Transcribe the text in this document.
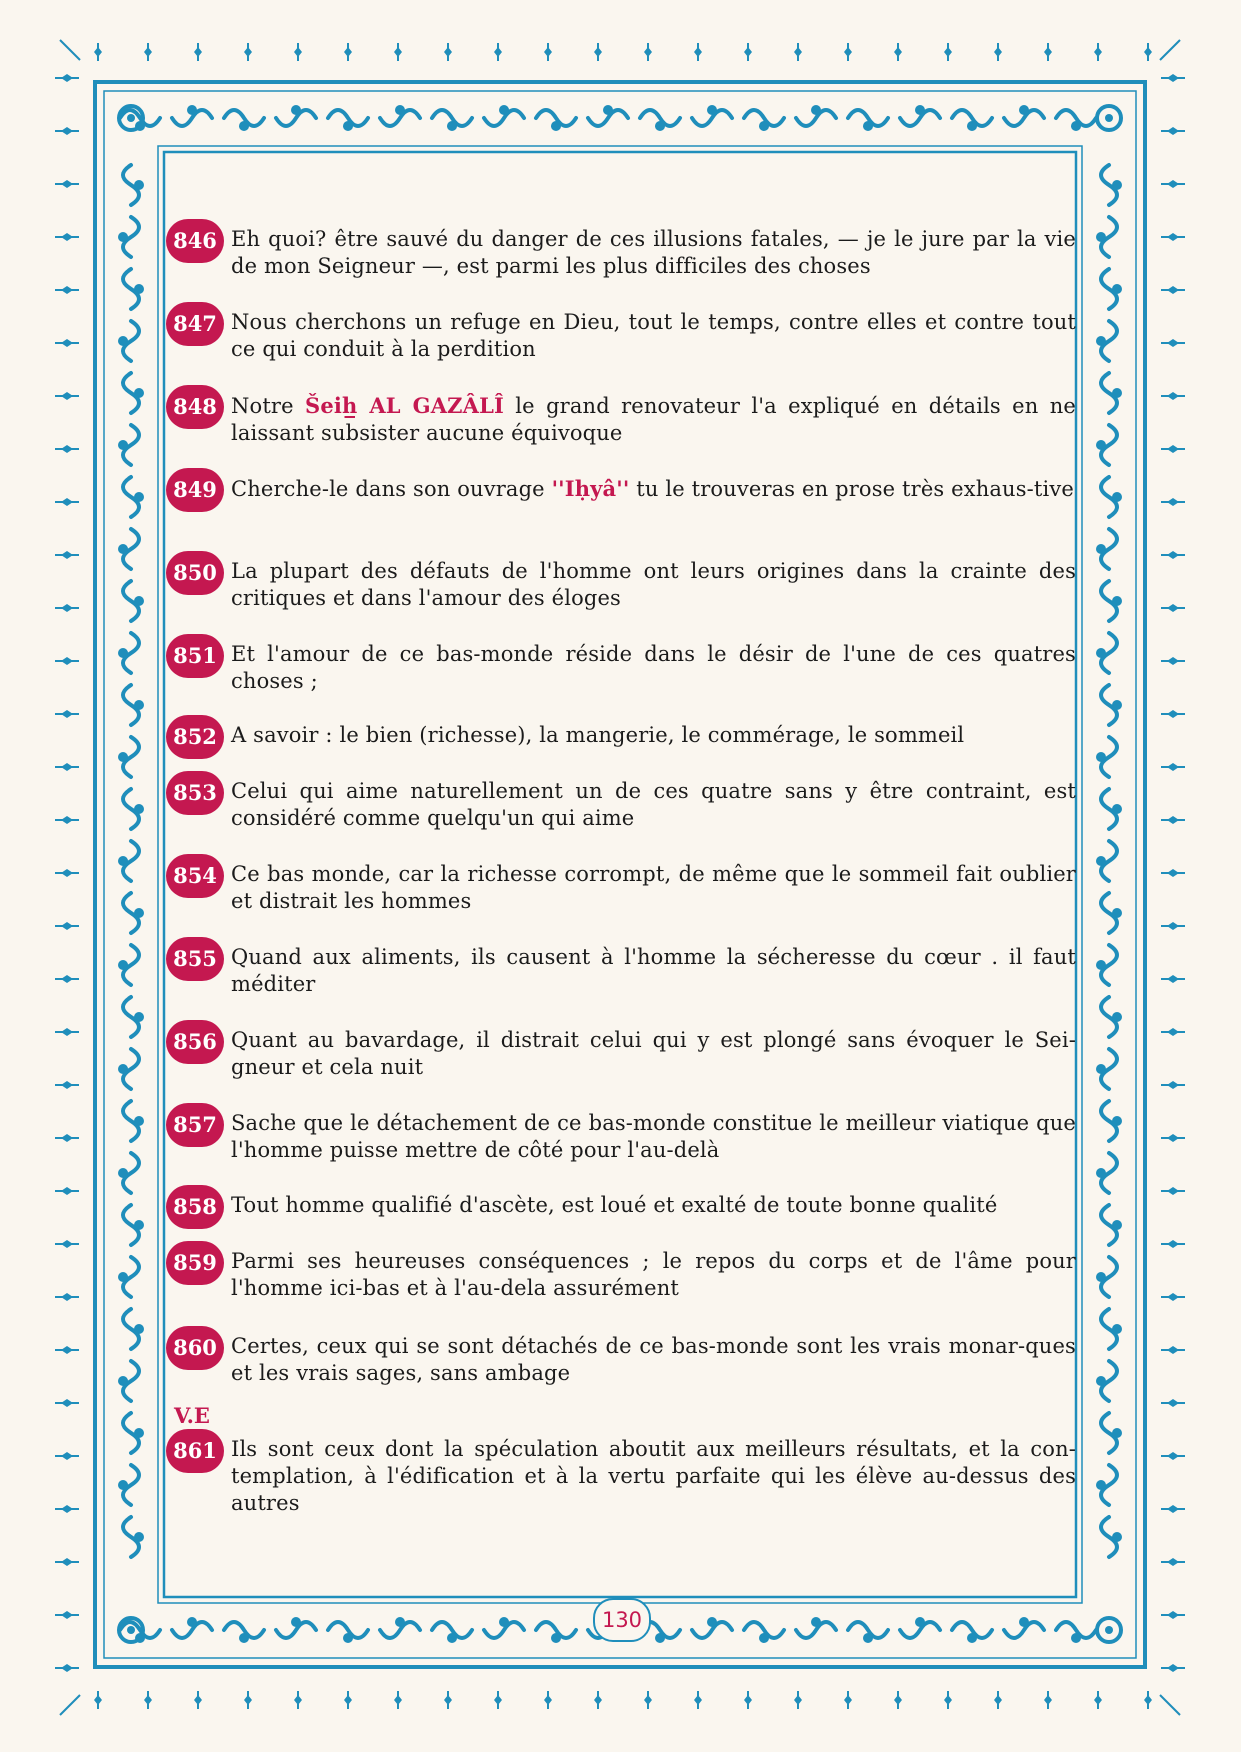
846 Eh quoi? être sauvé du danger de ces illusions fatales, — je le jure par la vie de mon Seigneur —, est parmi les plus difficiles des choses
847 Nous cherchons un refuge en Dieu, tout le temps, contre elles et contre tout ce qui conduit à la perdition
848 Notre Šeih̲ AL GAZÂLÎ le grand renovateur l'a expliqué en détails en ne laissant subsister aucune équivoque
849 Cherche-le dans son ouvrage ''Iḥyâ'' tu le trouveras en prose très exhaus-tive
850 La plupart des défauts de l'homme ont leurs origines dans la crainte des critiques et dans l'amour des éloges
851 Et l'amour de ce bas-monde réside dans le désir de l'une de ces quatres choses ;
852 A savoir : le bien (richesse), la mangerie, le commérage, le sommeil
853 Celui qui aime naturellement un de ces quatre sans y être contraint, est considéré comme quelqu'un qui aime
854 Ce bas monde, car la richesse corrompt, de même que le sommeil fait oublier et distrait les hommes
855 Quand aux aliments, ils causent à l'homme la sécheresse du cœur . il faut méditer
856 Quant au bavardage, il distrait celui qui y est plongé sans évoquer le Sei-gneur et cela nuit
857 Sache que le détachement de ce bas-monde constitue le meilleur viatique que l'homme puisse mettre de côté pour l'au-delà
858 Tout homme qualifié d'ascète, est loué et exalté de toute bonne qualité
859 Parmi ses heureuses conséquences ; le repos du corps et de l'âme pour l'homme ici-bas et à l'au-dela assurément
860 Certes, ceux qui se sont détachés de ce bas-monde sont les vrais monar-ques et les vrais sages, sans ambage
861 Ils sont ceux dont la spéculation aboutit aux meilleurs résultats, et la con-templation, à l'édification et à la vertu parfaite qui les élève au-dessus des autres
V.E
130
